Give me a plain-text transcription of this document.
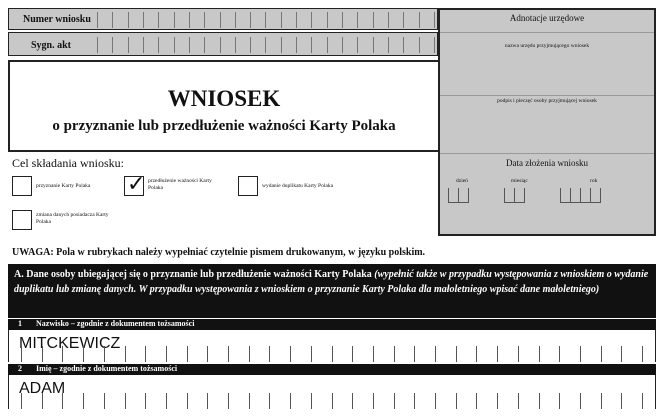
Numer wniosku
Sygn. akt
Adnotacje urzędowe
nazwa urzędu przyjmującego wniosek
podpis i pieczęć osoby przyjmującej wniosek
Data złożenia wniosku
dzień	miesiąc	rok
WNIOSEK
o przyznanie lub przedłużenie ważności Karty Polaka
Cel składania wniosku:
przyznanie Karty Polaka ✓ przedłużenie ważności Karty Polaka	wydanie duplikatu Karty Polaka
zmiana danych posiadacza Karty Polaka
UWAGA: Pola w rubrykach należy wypełniać czytelnie pismem drukowanym, w języku polskim.
A. Dane osoby ubiegającej się o przyznanie lub przedłużenie ważności Karty Polaka (wypełnić także w przypadku występowania z wnioskiem o wydanie duplikatu lub zmianę danych. W przypadku występowania z wnioskiem o przyznanie Karty Polaka dla małoletniego wpisać dane małoletniego)
1 Nazwisko – zgodnie z dokumentem tożsamości
MITCKEWICZ
2 Imię – zgodnie z dokumentem tożsamości
ADAM
